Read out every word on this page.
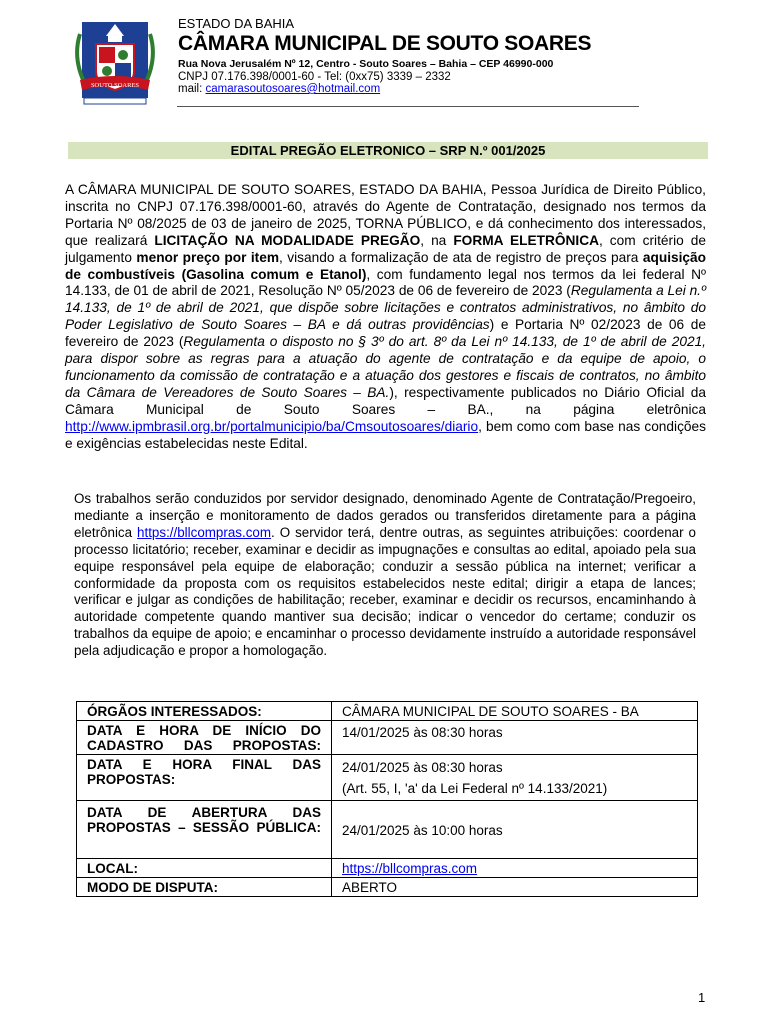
SOUTO SOARES
ESTADO DA BAHIA
CÂMARA MUNICIPAL DE SOUTO SOARES
Rua Nova Jerusalém Nº 12, Centro - Souto Soares – Bahia – CEP 46990-000
CNPJ 07.176.398/0001-60 - Tel: (0xx75) 3339 – 2332
mail: camarasoutosoares@hotmail.com
EDITAL PREGÃO ELETRONICO – SRP N.º 001/2025
A CÂMARA MUNICIPAL DE SOUTO SOARES, ESTADO DA BAHIA, Pessoa Jurídica de Direito Público, inscrita no CNPJ 07.176.398/0001-60, através do Agente de Contratação, designado nos termos da Portaria Nº 08/2025 de 03 de janeiro de 2025, TORNA PÚBLICO, e dá conhecimento dos interessados, que realizará LICITAÇÃO NA MODALIDADE PREGÃO, na FORMA ELETRÔNICA, com critério de julgamento menor preço por item, visando a formalização de ata de registro de preços para aquisição de combustíveis (Gasolina comum e Etanol), com fundamento legal nos termos da lei federal Nº 14.133, de 01 de abril de 2021, Resolução Nº 05/2023 de 06 de fevereiro de 2023 (Regulamenta a Lei n.º 14.133, de 1º de abril de 2021, que dispõe sobre licitações e contratos administrativos, no âmbito do Poder Legislativo de Souto Soares – BA e dá outras providências) e Portaria Nº 02/2023 de 06 de fevereiro de 2023 (Regulamenta o disposto no § 3º do art. 8º da Lei nº 14.133, de 1º de abril de 2021, para dispor sobre as regras para a atuação do agente de contratação e da equipe de apoio, o funcionamento da comissão de contratação e a atuação dos gestores e fiscais de contratos, no âmbito da Câmara de Vereadores de Souto Soares – BA.), respectivamente publicados no Diário Oficial da Câmara Municipal de Souto Soares – BA., na página eletrônica http://www.ipmbrasil.org.br/portalmunicipio/ba/Cmsoutosoares/diario, bem como com base nas condições e exigências estabelecidas neste Edital.
Os trabalhos serão conduzidos por servidor designado, denominado Agente de Contratação/Pregoeiro, mediante a inserção e monitoramento de dados gerados ou transferidos diretamente para a página eletrônica https://bllcompras.com. O servidor terá, dentre outras, as seguintes atribuições: coordenar o processo licitatório; receber, examinar e decidir as impugnações e consultas ao edital, apoiado pela sua equipe responsável pela equipe de elaboração; conduzir a sessão pública na internet; verificar a conformidade da proposta com os requisitos estabelecidos neste edital; dirigir a etapa de lances; verificar e julgar as condições de habilitação; receber, examinar e decidir os recursos, encaminhando à autoridade competente quando mantiver sua decisão; indicar o vencedor do certame; conduzir os trabalhos da equipe de apoio; e encaminhar o processo devidamente instruído a autoridade responsável pela adjudicação e propor a homologação.
ÓRGÃOS INTERESSADOS:	CÂMARA MUNICIPAL DE SOUTO SOARES - BA
DATA E HORA DE INÍCIO DO CADASTRO DAS PROPOSTAS:	14/01/2025 às 08:30 horas

DATA E HORA FINAL DAS PROPOSTAS:	24/01/2025 às 08:30 horas
(Art. 55, I, 'a' da Lei Federal nº 14.133/2021)

DATA DE ABERTURA DAS PROPOSTAS – SESSÃO PÚBLICA:	24/01/2025 às 10:00 horas
LOCAL:	https://bllcompras.com
MODO DE DISPUTA:	ABERTO
1
